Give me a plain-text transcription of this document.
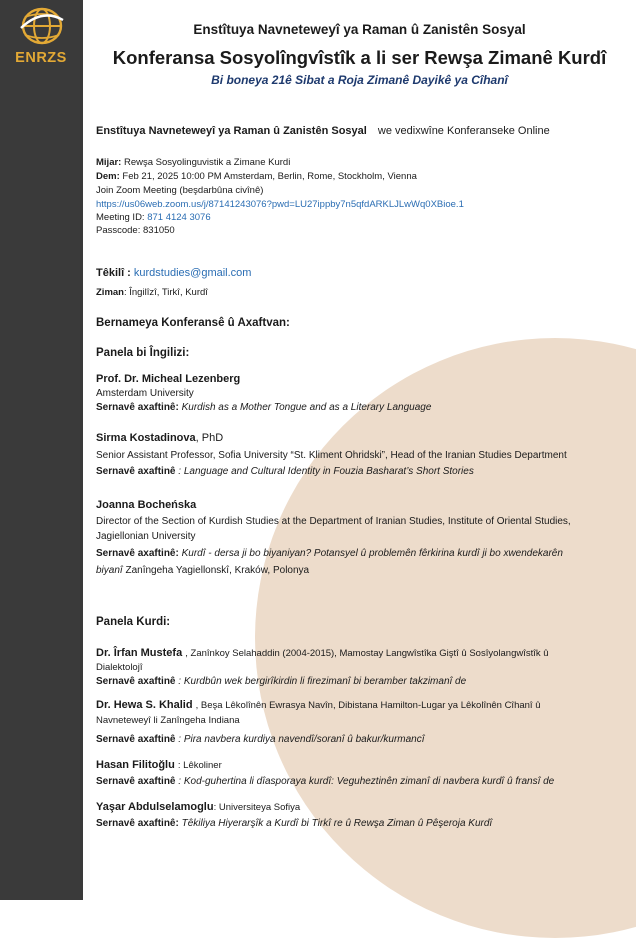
ENRZS
Enstîtuya Navneteweyî ya Raman û Zanistên Sosyal
Konferansa Sosyolîngvîstîk a li ser Rewşa Zimanê Kurdî
Bi boneya 21ê Sibat a Roja Zimanê Dayikê ya Cîhanî
Enstîtuya Navneteweyî ya Raman û Zanistên Sosyal we vedixwîne Konferanseke Online
Mijar: Rewşa Sosyolinguvistik a Zimane Kurdi
Dem: Feb 21, 2025 10:00 PM Amsterdam, Berlin, Rome, Stockholm, Vienna
Join Zoom Meeting (beşdarbûna civînê)
https://us06web.zoom.us/j/87141243076?pwd=LU27ippby7n5qfdARKLJLwWq0XBioe.1
Meeting ID: 871 4124 3076
Passcode: 831050
Têkilî : kurdstudies@gmail.com
Ziman: Îngilîzî, Tirkî, Kurdî
Bernameya Konferansê û Axaftvan:
Panela bi Îngilizi:
Prof. Dr. Micheal Lezenberg
Amsterdam University
Sernavê axaftinê: Kurdish as a Mother Tongue and as a Literary Language
Sirma Kostadinova, PhD
Senior Assistant Professor, Sofia University “St. Kliment Ohridski”, Head of the Iranian Studies Department
Sernavê axaftinê : Language and Cultural Identity in Fouzia Basharat’s Short Stories
Joanna Bocheńska
Director of the Section of Kurdish Studies at the Department of Iranian Studies, Institute of Oriental Studies,
Jagiellonian University
Sernavê axaftinê: Kurdî - dersa ji bo biyaniyan? Potansyel û problemên fêrkirina kurdî ji bo xwendekarên
biyanî Zanîngeha Yagiellonskî, Kraków, Polonya
Panela Kurdi:
Dr. Îrfan Mustefa , Zanînkoy Selahaddin (2004-2015), Mamostay Langwîstîka Giştî û Sosîyolangwîstîk û
Dialektolojî
Sernavê axaftinê : Kurdbûn wek bergirîkirdin li firezimanî bi beramber takzimanî de
Dr. Hewa S. Khalid , Beşa Lêkolînên Ewrasya Navîn, Dibistana Hamilton-Lugar ya Lêkolînên Cîhanî û
Navneteweyî li Zanîngeha Indiana
Sernavê axaftinê : Pira navbera kurdiya navendî/soranî û bakur/kurmancî
Hasan Filitoğlu : Lêkoliner
Sernavê axaftinê : Kod-guhertina li dîasporaya kurdî: Veguheztinên zimanî di navbera kurdî û fransî de
Yaşar Abdulselamoglu: Universiteya Sofiya
Sernavê axaftinê: Têkiliya Hiyerarşîk a Kurdî bi Tirkî re û Rewşa Ziman û Pêşeroja Kurdî
